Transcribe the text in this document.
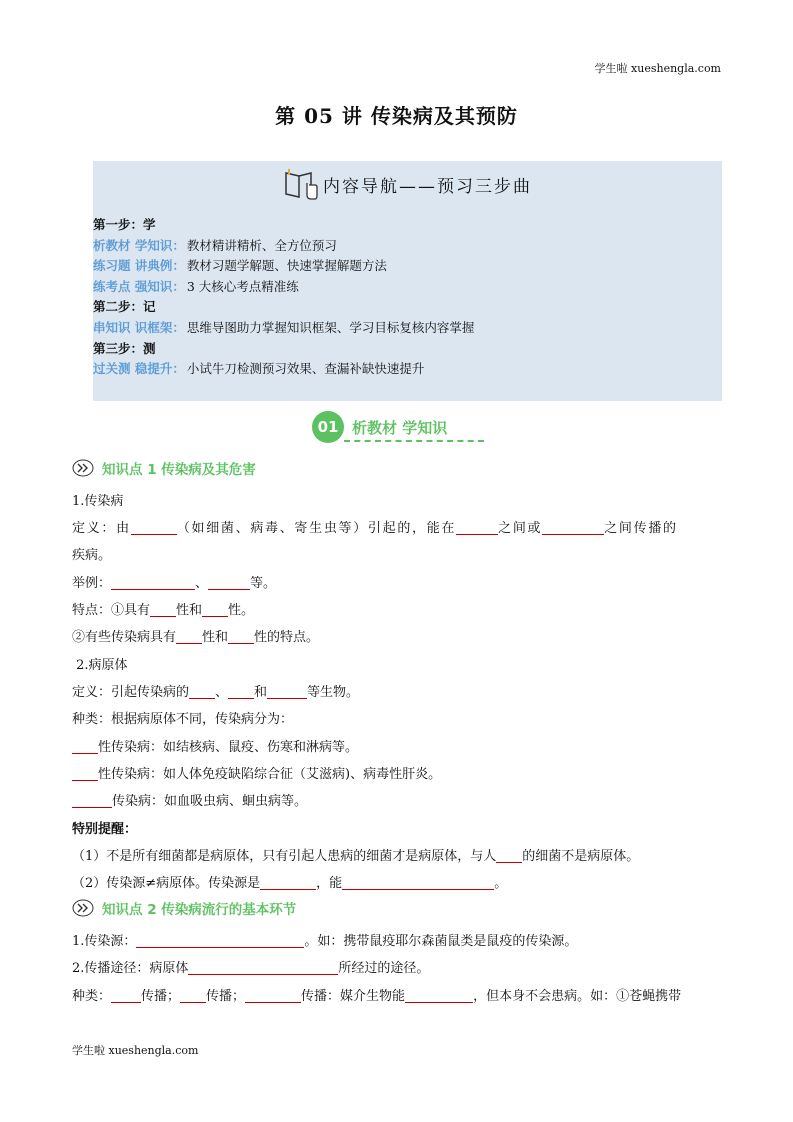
学生啦 xueshengla.com
第 05 讲 传染病及其预防
内容导航——预习三步曲
第一步：学
析教材 学知识： 教材精讲精析、全方位预习
练习题 讲典例： 教材习题学解题、快速掌握解题方法
练考点 强知识： 3 大核心考点精准练
第二步：记
串知识 识框架： 思维导图助力掌握知识框架、学习目标复核内容掌握
第三步：测
过关测 稳提升： 小试牛刀检测预习效果、查漏补缺快速提升
01 析教材 学知识
知识点 1 传染病及其危害
1.传染病
定义：由	（如细菌、病毒、寄生虫等）引起的，能在	之间或	之间传播的
疾病。
举例：	、	等。
特点：①具有 性和 性。
②有些传染病具有 性和 性的特点。
2.病原体
定义：引起传染病的 、 和	等生物。
种类：根据病原体不同，传染病分为：
性传染病：如结核病、鼠疫、伤寒和淋病等。
性传染病：如人体免疫缺陷综合征（艾滋病)、病毒性肝炎。
传染病：如血吸虫病、蛔虫病等。
特别提醒：
（1）不是所有细菌都是病原体，只有引起人患病的细菌才是病原体，与人 的细菌不是病原体。
（2）传染源≠病原体。传染源是	，能	。
知识点 2 传染病流行的基本环节
1.传染源：	。如：携带鼠疫耶尔森菌鼠类是鼠疫的传染源。
2.传播途径：病原体	所经过的途径。
种类： 传播； 传播；	传播：媒介生物能	，但本身不会患病。如：①苍蝇携带
学生啦 xueshengla.com
